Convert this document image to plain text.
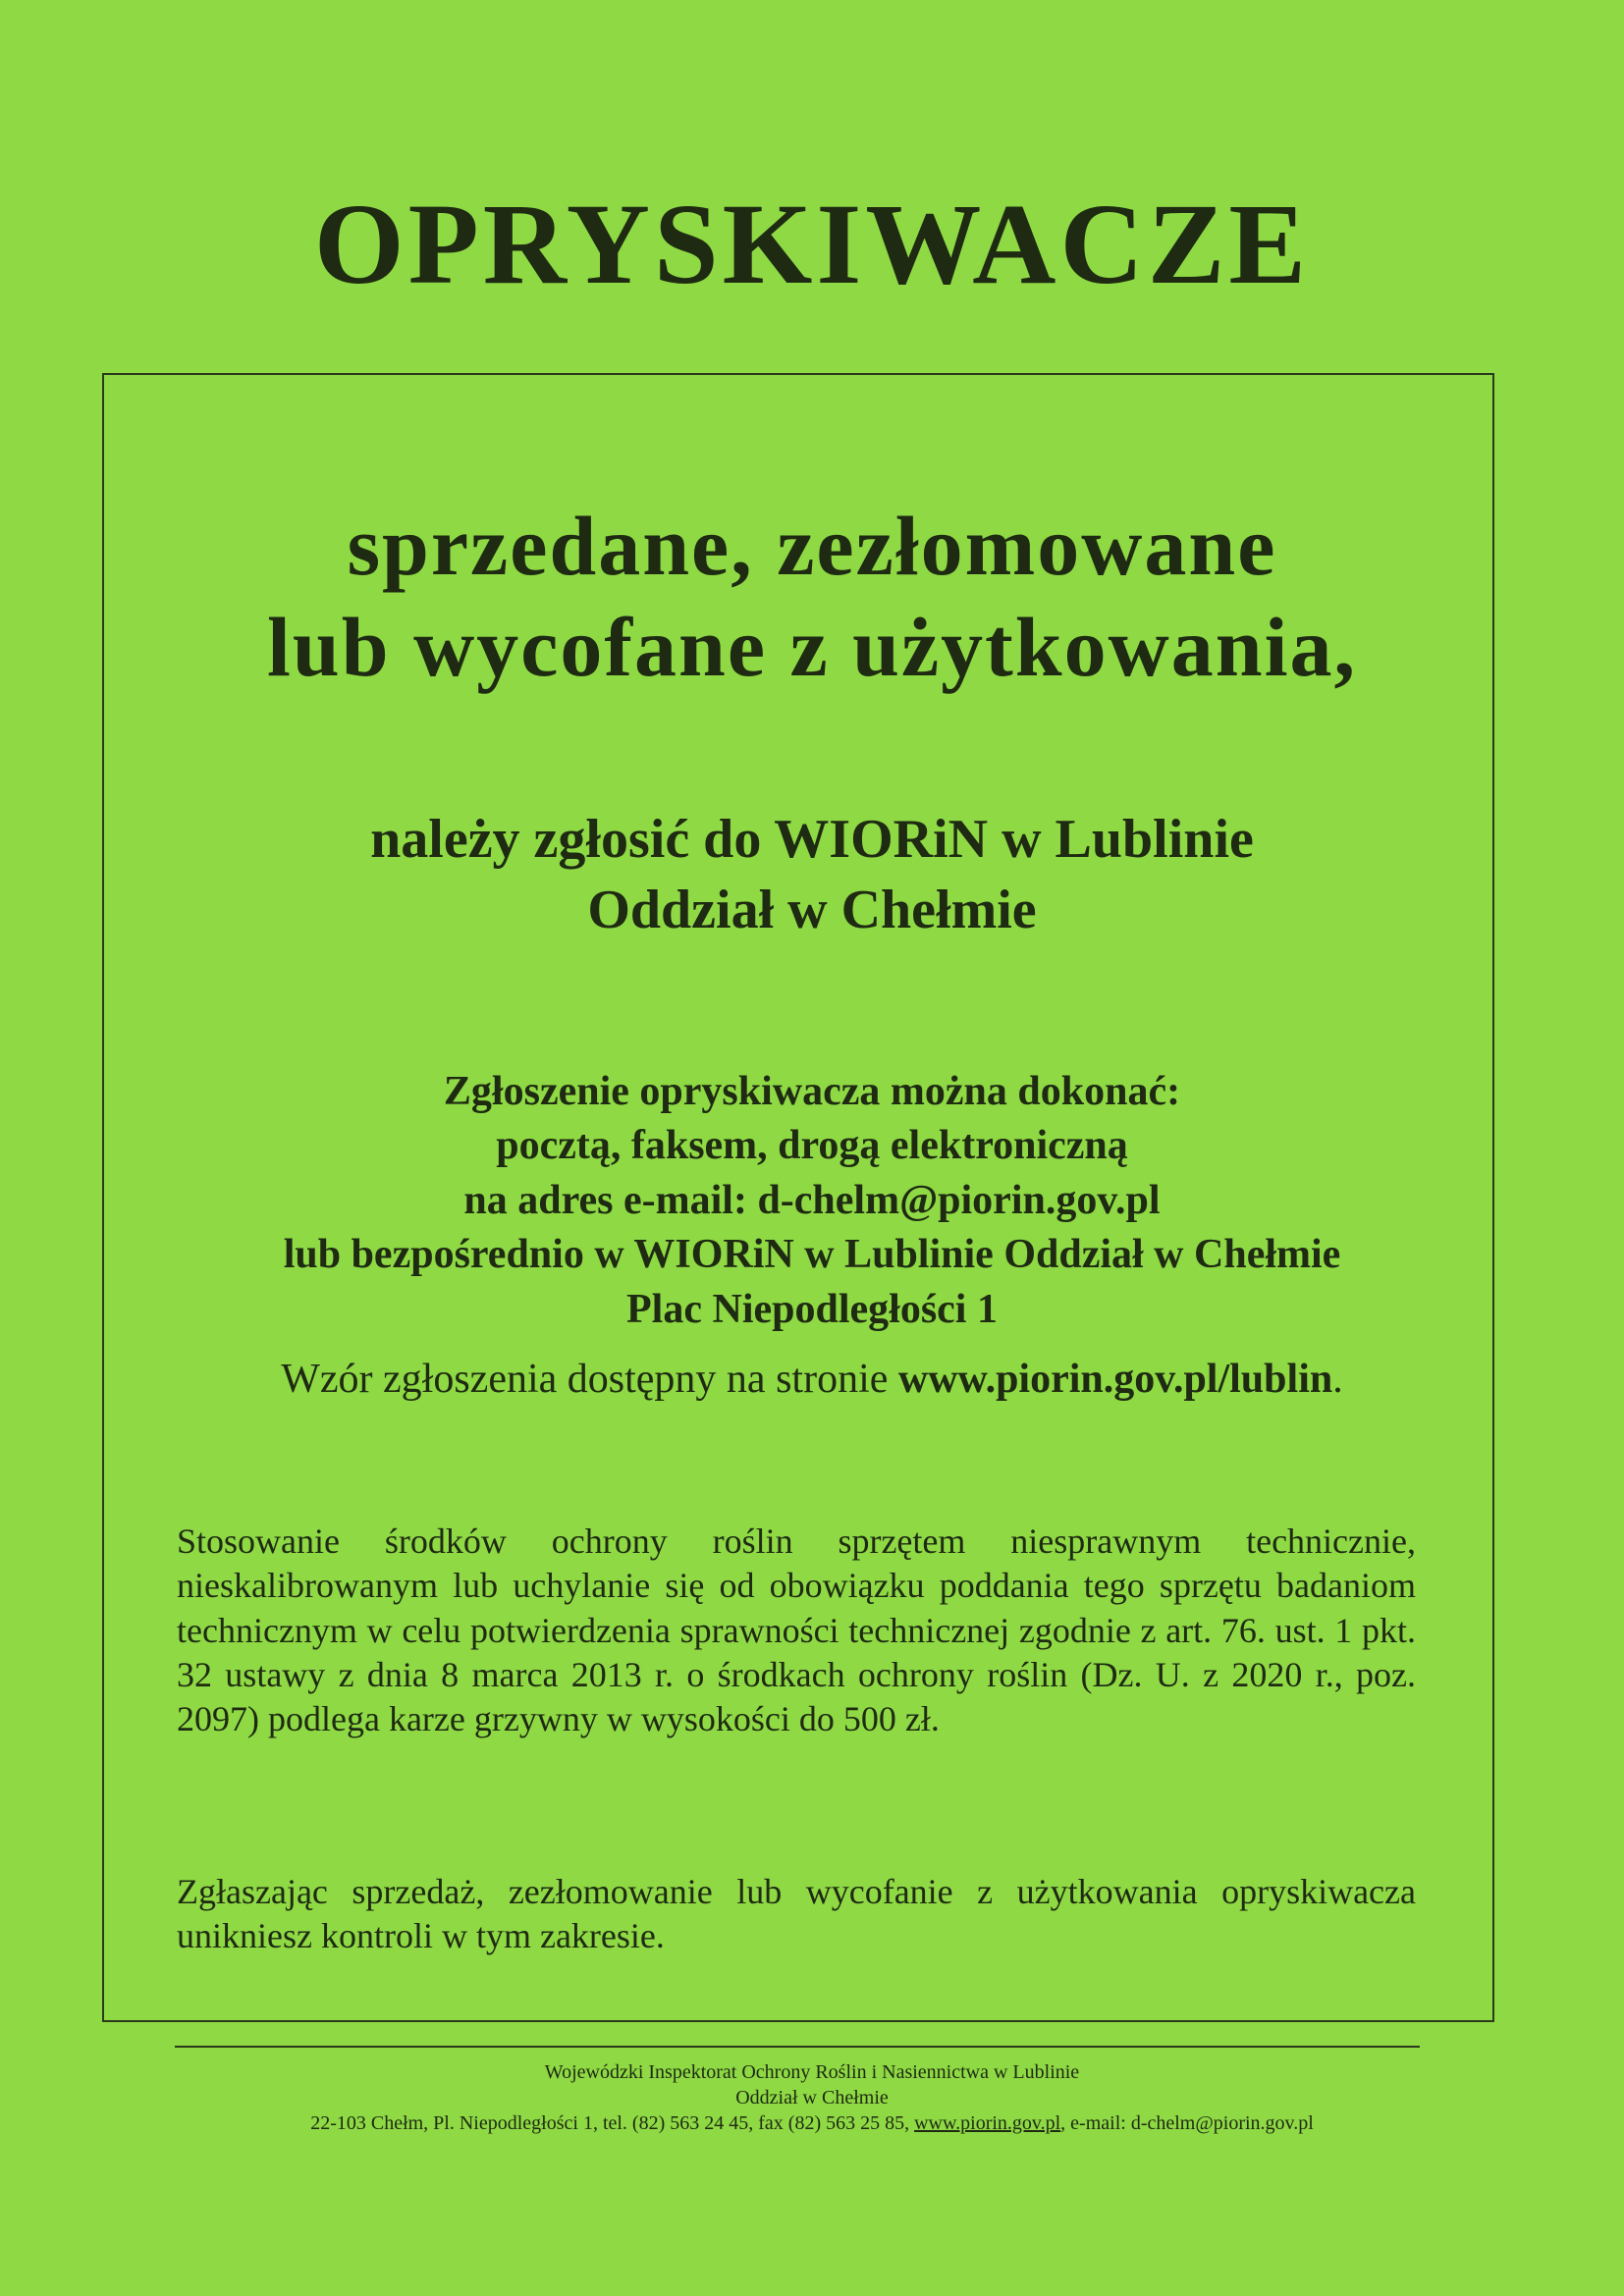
OPRYSKIWACZE
sprzedane, zezłomowane
lub wycofane z użytkowania,
należy zgłosić do WIORiN w Lublinie
Oddział w Chełmie
Zgłoszenie opryskiwacza można dokonać:
pocztą, faksem, drogą elektroniczną
na adres e-mail: d-chelm@piorin.gov.pl
lub bezpośrednio w WIORiN w Lublinie Oddział w Chełmie
Plac Niepodległości 1

Wzór zgłoszenia dostępny na stronie www.piorin.gov.pl/lublin.

Stosowanie środków ochrony roślin sprzętem niesprawnym technicznie, nieskalibrowanym lub uchylanie się od obowiązku poddania tego sprzętu badaniom technicznym w celu potwierdzenia sprawności technicznej zgodnie z art. 76. ust. 1 pkt. 32 ustawy z dnia 8 marca 2013 r. o środkach ochrony roślin (Dz. U. z 2020 r., poz. 2097) podlega karze grzywny w wysokości do 500 zł.

Zgłaszając sprzedaż, zezłomowanie lub wycofanie z użytkowania opryskiwacza unikniesz kontroli w tym zakresie.

Wojewódzki Inspektorat Ochrony Roślin i Nasiennictwa w Lublinie
Oddział w Chełmie
22-103 Chełm, Pl. Niepodległości 1, tel. (82) 563 24 45, fax (82) 563 25 85, www.piorin.gov.pl, e-mail: d-chelm@piorin.gov.pl
